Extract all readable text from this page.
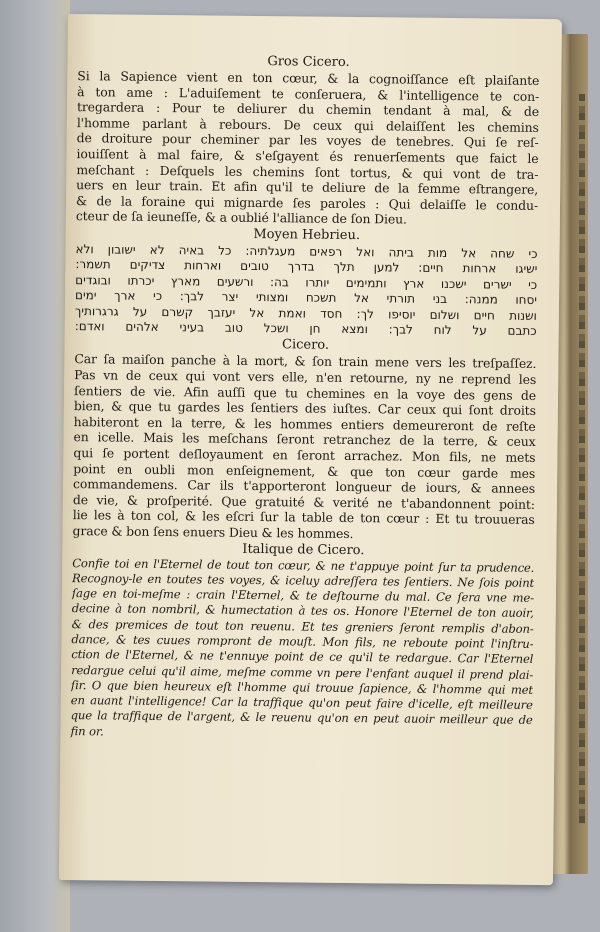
Gros Cicero.
Si la Sapience vient en ton cœur, & la cognoiſſance eſt plaiſante
à ton ame : L'aduiſement te conſeruera, & l'intelligence te con-
tregardera : Pour te deliurer du chemin tendant à mal, & de
l'homme parlant à rebours. De ceux qui delaiſſent les chemins
de droiture pour cheminer par les voyes de tenebres. Qui ſe reſ-
iouiſſent à mal faire, & s'eſgayent és renuerſements que faict le
meſchant : Deſquels les chemins ſont tortus, & qui vont de tra-
uers en leur train. Et afin qu'il te deliure de la femme eſtrangere,
& de la foraine qui mignarde ſes paroles : Qui delaiſſe le condu-
cteur de ſa ieuneſſe, & a oublié l'alliance de ſon Dieu.
Moyen Hebrieu.
כי שחה אל מות ביתה ואל רפאים מעגלתיה: כל באיה לא ישובון ולא
ישיגו ארחות חיים: למען תלך בדרך טובים וארחות צדיקים תשמר:
כי ישרים ישכנו ארץ ותמימים יותרו בה: ורשעים מארץ יכרתו ובוגדים
יסחו ממנה: בני תורתי אל תשכח ומצותי יצר לבך: כי ארך ימים
ושנות חיים ושלום יוסיפו לך: חסד ואמת אל יעזבך קשרם על גרגרותיך
כתבם על לוח לבך: ומצא חן ושכל טוב בעיני אלהים ואדם:
Cicero.
Car ſa maiſon panche à la mort, & ſon train mene vers les treſpaſſez.
Pas vn de ceux qui vont vers elle, n'en retourne, ny ne reprend les
ſentiers de vie. Afin auſſi que tu chemines en la voye des gens de
bien, & que tu gardes les ſentiers des iuſtes. Car ceux qui ſont droits
habiteront en la terre, & les hommes entiers demeureront de reſte
en icelle. Mais les meſchans ſeront retranchez de la terre, & ceux
qui ſe portent deſloyaument en ſeront arrachez. Mon fils, ne mets
point en oubli mon enſeignement, & que ton cœur garde mes
commandemens. Car ils t'apporteront longueur de iours, & annees
de vie, & proſperité. Que gratuité & verité ne t'abandonnent point:
lie les à ton col, & les eſcri ſur la table de ton cœur : Et tu trouueras
grace & bon ſens enuers Dieu & les hommes.
Italique de Cicero.
Confie toi en l'Eternel de tout ton cœur, & ne t'appuye point ſur ta prudence.
Recognoy-le en toutes tes voyes, & iceluy adreſſera tes ſentiers. Ne ſois point
ſage en toi-meſme : crain l'Eternel, & te deſtourne du mal. Ce ſera vne me-
decine à ton nombril, & humectation à tes os. Honore l'Eternel de ton auoir,
& des premices de tout ton reuenu. Et tes greniers ſeront remplis d'abon-
dance, & tes cuues rompront de mouſt. Mon fils, ne reboute point l'inſtru-
ction de l'Eternel, & ne t'ennuye point de ce qu'il te redargue. Car l'Eternel
redargue celui qu'il aime, meſme comme vn pere l'enfant auquel il prend plai-
ſir. O que bien heureux eſt l'homme qui trouue ſapience, & l'homme qui met
en auant l'intelligence! Car la traffique qu'on peut faire d'icelle, eſt meilleure
que la traffique de l'argent, & le reuenu qu'on en peut auoir meilleur que de
fin or.
